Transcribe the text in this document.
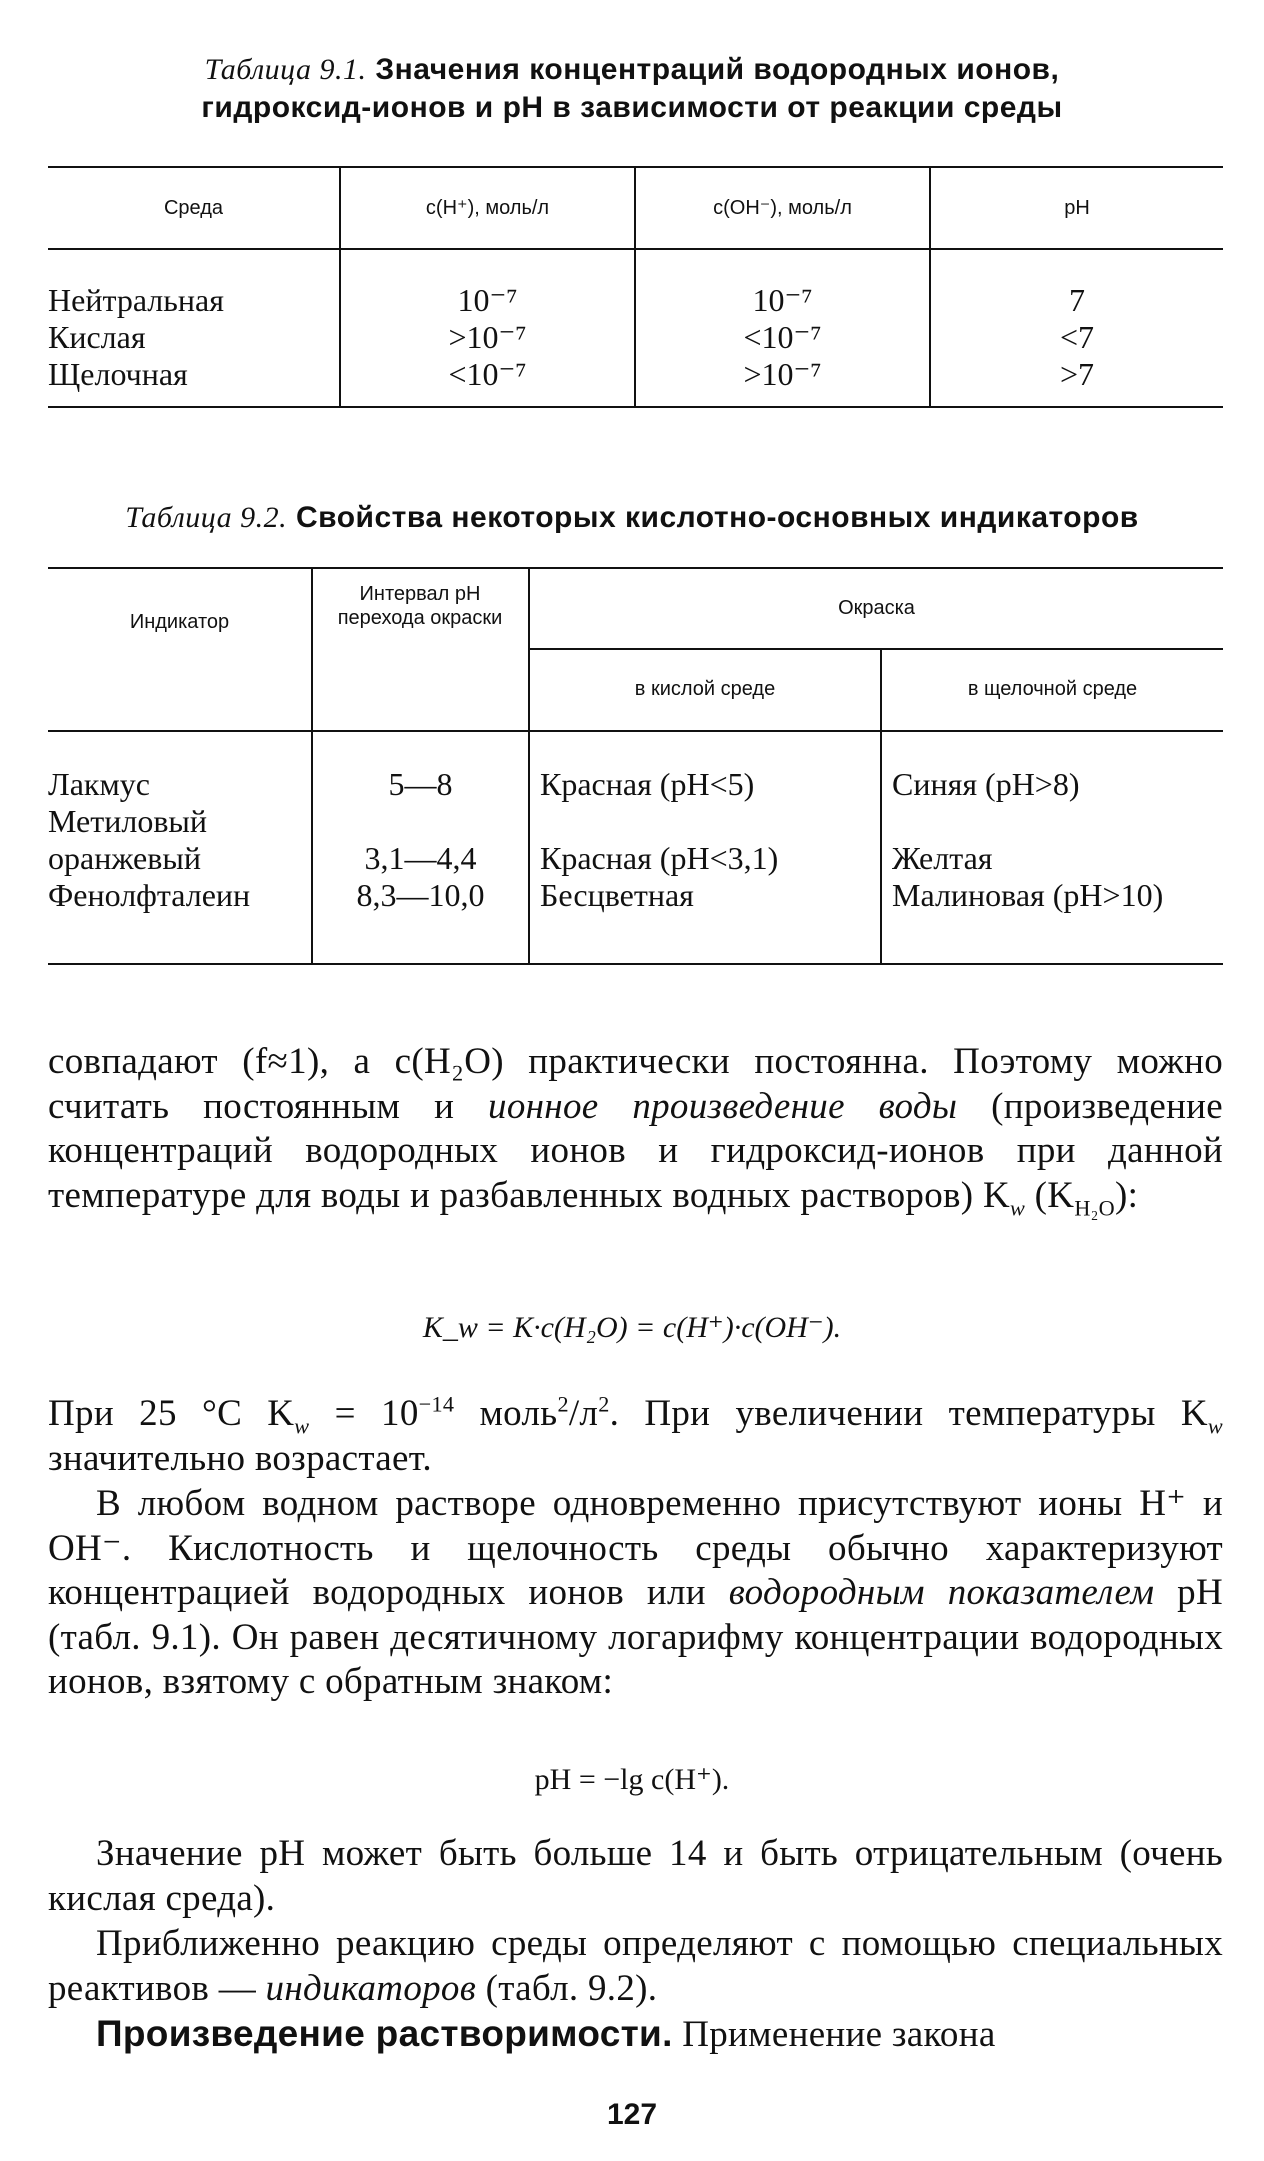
Таблица 9.1. Значения концентраций водородных ионов,
гидроксид-ионов и pH в зависимости от реакции среды
Среда	c(H⁺), моль/л	c(OH⁻), моль/л	pH
Нейтральная	10⁻⁷	10⁻⁷	7
Кислая	>10⁻⁷	<10⁻⁷	<7
Щелочная	<10⁻⁷	>10⁻⁷	>7
Таблица 9.2. Свойства некоторых кислотно-основных индикаторов
Индикатор
Интервал pH перехода окраски	Окраска
в кислой среде	в щелочной среде
Лакмус	5—8	Красная (pH<5)	Синяя (pH>8)
Метиловый оранжевый	3,1—4,4	Красная (pH<3,1)	Желтая
Фенолфталеин	8,3—10,0	Бесцветная	Малиновая (pH>10)
совпадают (f≈1), а c(H₂O) практически постоянна. Поэтому можно считать постоянным и ионное произведение воды (произведение концентраций водородных ионов и гидроксид-ионов при данной температуре для воды и разбавленных водных растворов) $K_w$ $(K_{H_2O})$:
K_w = K·c(H₂O) = c(H⁺)·c(OH⁻).
При 25 °C $K_w = 10^{-14}$ $моль^2/л^2$. При увеличении температуры $K_w$ значительно возрастает.
В любом водном растворе одновременно присутствуют ионы H⁺ и OH⁻. Кислотность и щелочность среды обычно характеризуют концентрацией водородных ионов или водородным показателем pH (табл. 9.1). Он равен десятичному логарифму концентрации водородных ионов, взятому с обратным знаком:
pH = −lg c(H⁺).
Значение pH может быть больше 14 и быть отрицательным (очень кислая среда).
Приближенно реакцию среды определяют с помощью специальных реактивов — индикаторов (табл. 9.2).
Произведение растворимости. Применение закона
127
